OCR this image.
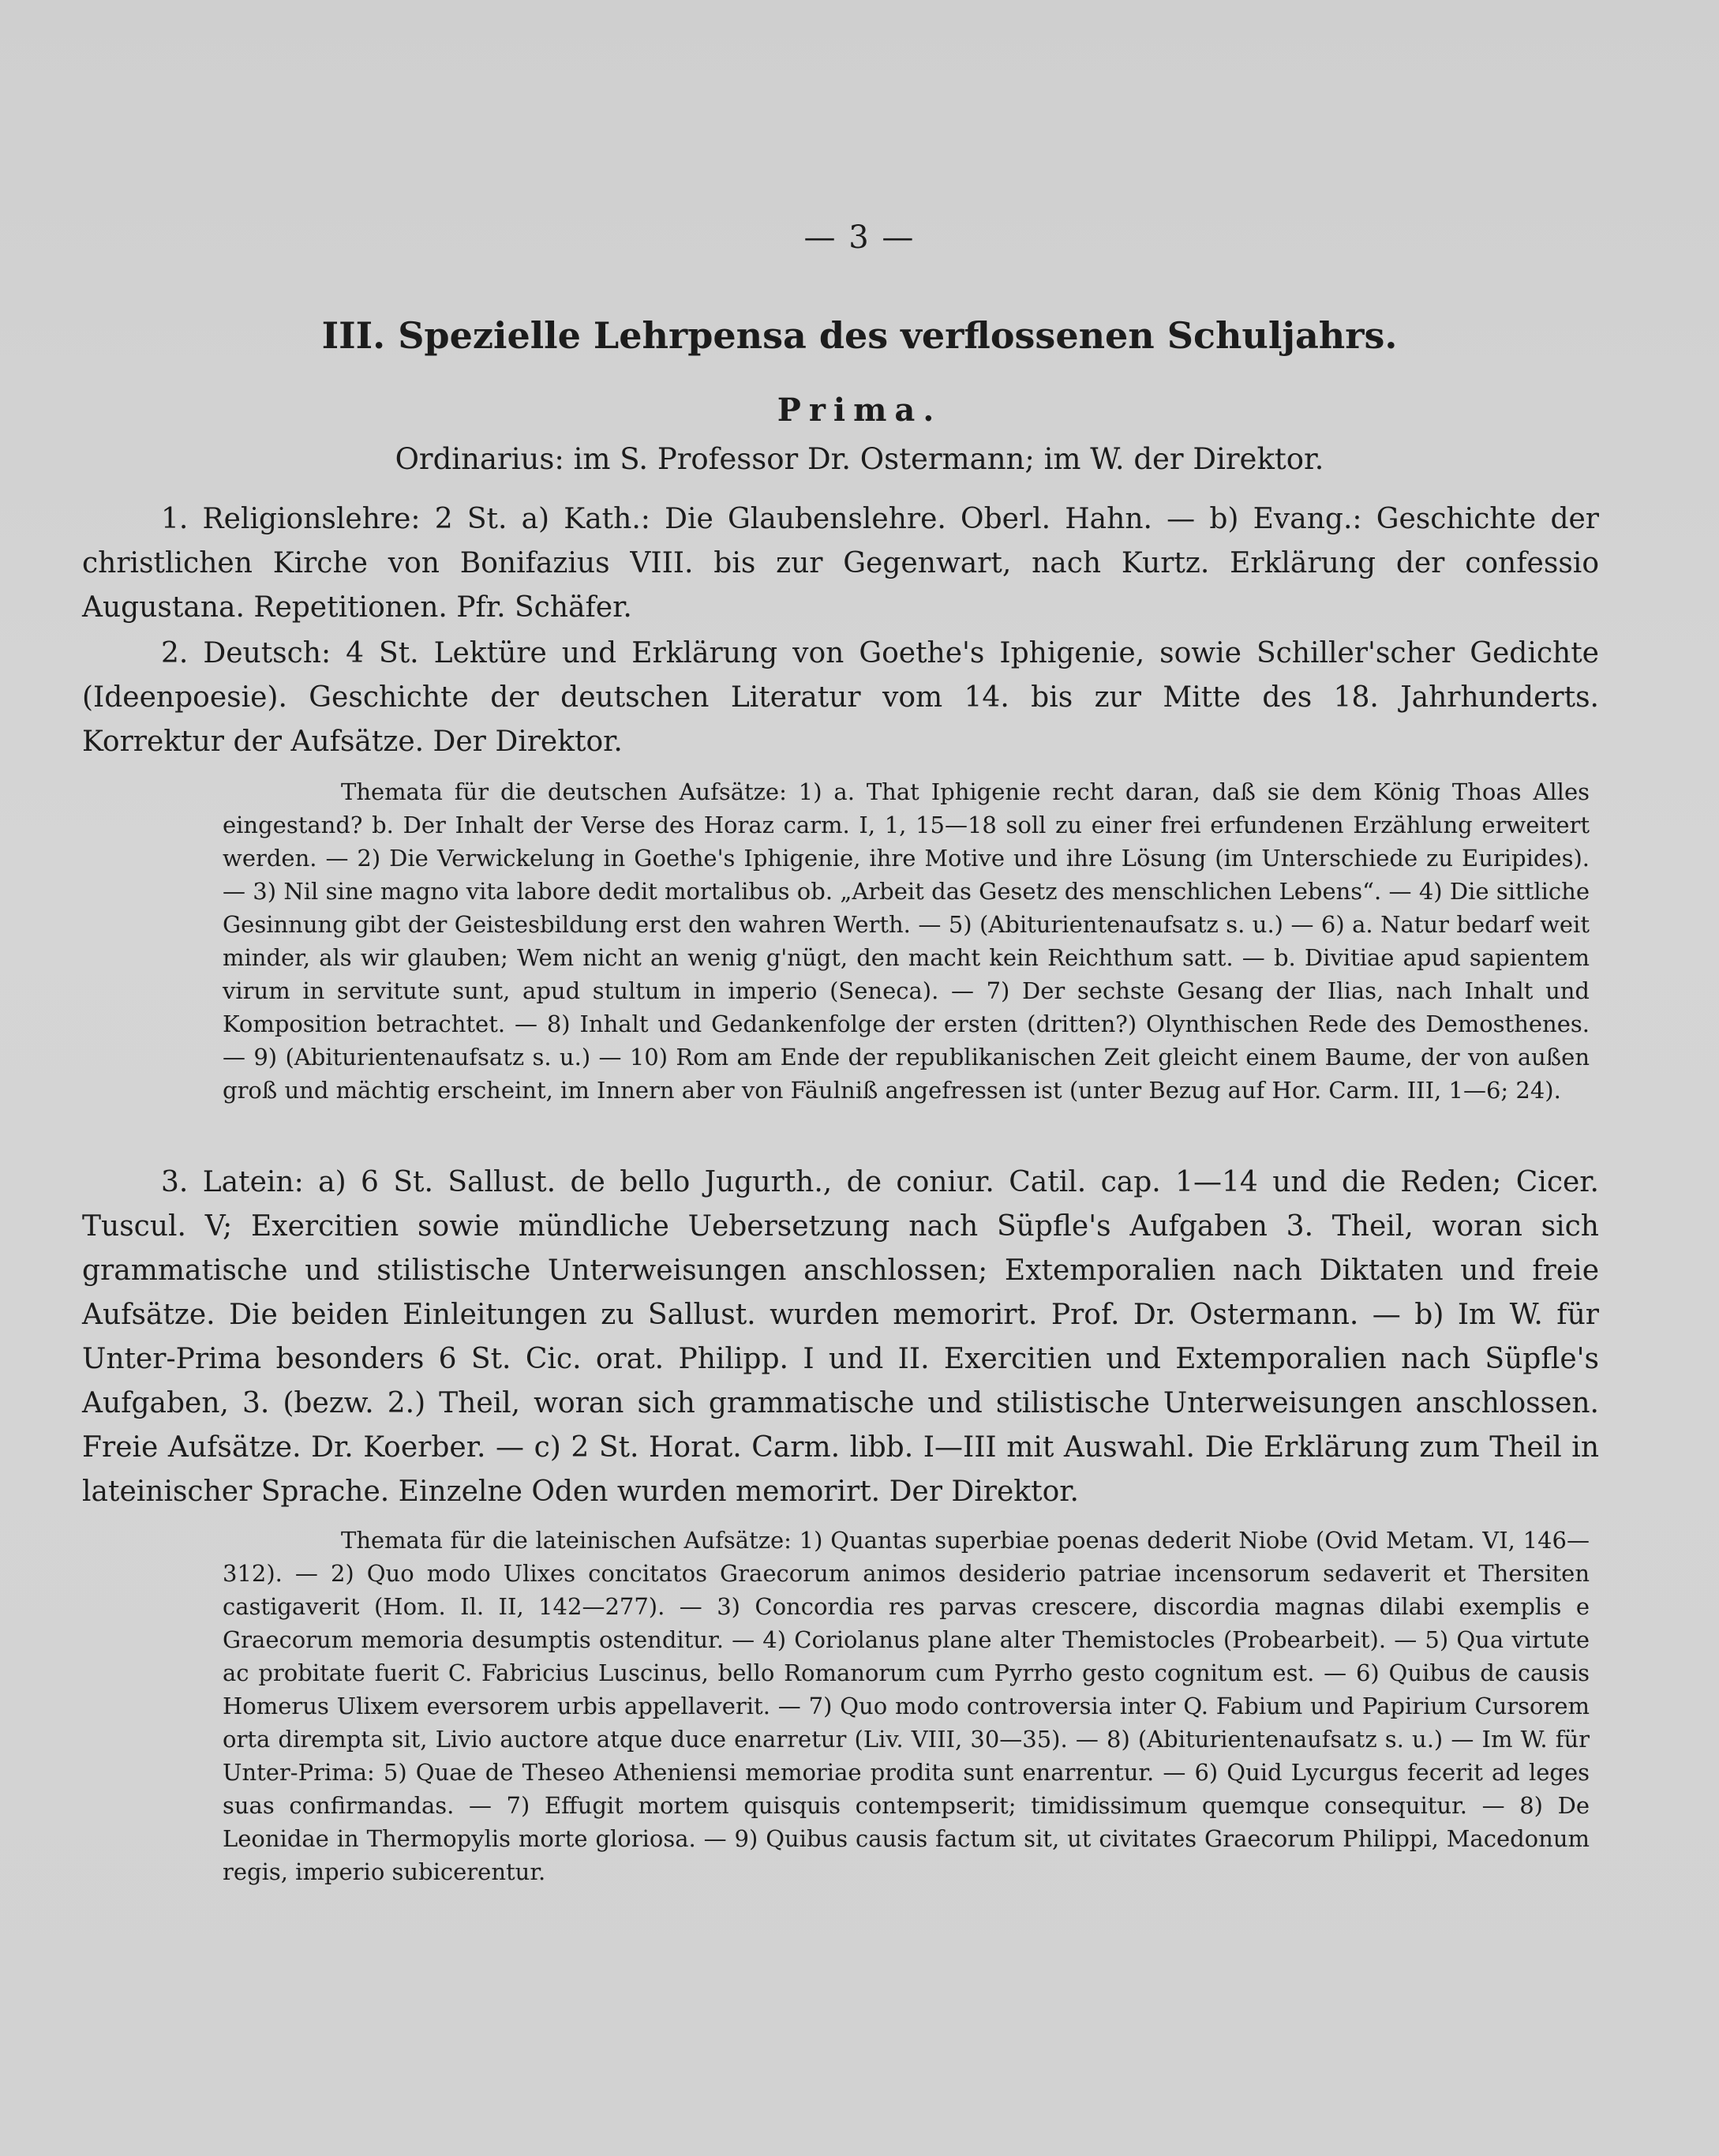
— 3 —
III. Spezielle Lehrpensa des verflossenen Schuljahrs.
Prima.
Ordinarius: im S. Professor Dr. Ostermann; im W. der Direktor.

1. Religionslehre: 2 St. a) Kath.: Die Glaubenslehre. Oberl. Hahn. — b) Evang.: Geschichte der christlichen Kirche von Bonifazius VIII. bis zur Gegenwart, nach Kurtz. Erklärung der confessio Augustana. Repetitionen. Pfr. Schäfer.

2. Deutsch: 4 St. Lektüre und Erklärung von Goethe's Iphigenie, sowie Schiller'scher Gedichte (Ideenpoesie). Geschichte der deutschen Literatur vom 14. bis zur Mitte des 18. Jahrhunderts. Korrektur der Aufsätze. Der Direktor.

Themata für die deutschen Aufsätze: 1) a. That Iphigenie recht daran, daß sie dem König Thoas Alles eingestand? b. Der Inhalt der Verse des Horaz carm. I, 1, 15—18 soll zu einer frei erfundenen Erzählung erweitert werden. — 2) Die Verwickelung in Goethe's Iphigenie, ihre Motive und ihre Lösung (im Unterschiede zu Euripides). — 3) Nil sine magno vita labore dedit mortalibus ob. „Arbeit das Gesetz des menschlichen Lebens“. — 4) Die sittliche Gesinnung gibt der Geistesbildung erst den wahren Werth. — 5) (Abiturientenaufsatz s. u.) — 6) a. Natur bedarf weit minder, als wir glauben; Wem nicht an wenig g'nügt, den macht kein Reichthum satt. — b. Divitiae apud sapientem virum in servitute sunt, apud stultum in imperio (Seneca). — 7) Der sechste Gesang der Ilias, nach Inhalt und Komposition betrachtet. — 8) Inhalt und Gedankenfolge der ersten (dritten?) Olynthischen Rede des Demosthenes. — 9) (Abiturientenaufsatz s. u.) — 10) Rom am Ende der republikanischen Zeit gleicht einem Baume, der von außen groß und mächtig erscheint, im Innern aber von Fäulniß angefressen ist (unter Bezug auf Hor. Carm. III, 1—6; 24).

3. Latein: a) 6 St. Sallust. de bello Jugurth., de coniur. Catil. cap. 1—14 und die Reden; Cicer. Tuscul. V; Exercitien sowie mündliche Uebersetzung nach Süpfle's Aufgaben 3. Theil, woran sich grammatische und stilistische Unterweisungen anschlossen; Extemporalien nach Diktaten und freie Aufsätze. Die beiden Einleitungen zu Sallust. wurden memorirt. Prof. Dr. Ostermann. — b) Im W. für Unter-Prima besonders 6 St. Cic. orat. Philipp. I und II. Exercitien und Extemporalien nach Süpfle's Aufgaben, 3. (bezw. 2.) Theil, woran sich grammatische und stilistische Unterweisungen anschlossen. Freie Aufsätze. Dr. Koerber. — c) 2 St. Horat. Carm. libb. I—III mit Auswahl. Die Erklärung zum Theil in lateinischer Sprache. Einzelne Oden wurden memorirt. Der Direktor.

Themata für die lateinischen Aufsätze: 1) Quantas superbiae poenas dederit Niobe (Ovid Metam. VI, 146—312). — 2) Quo modo Ulixes concitatos Graecorum animos desiderio patriae incensorum sedaverit et Thersiten castigaverit (Hom. Il. II, 142—277). — 3) Concordia res parvas crescere, discordia magnas dilabi exemplis e Graecorum memoria desumptis ostenditur. — 4) Coriolanus plane alter Themistocles (Probearbeit). — 5) Qua virtute ac probitate fuerit C. Fabricius Luscinus, bello Romanorum cum Pyrrho gesto cognitum est. — 6) Quibus de causis Homerus Ulixem eversorem urbis appellaverit. — 7) Quo modo controversia inter Q. Fabium und Papirium Cursorem orta dirempta sit, Livio auctore atque duce enarretur (Liv. VIII, 30—35). — 8) (Abiturientenaufsatz s. u.) — Im W. für Unter-Prima: 5) Quae de Theseo Atheniensi memoriae prodita sunt enarrentur. — 6) Quid Lycurgus fecerit ad leges suas confirmandas. — 7) Effugit mortem quisquis contempserit; timidissimum quemque consequitur. — 8) De Leonidae in Thermopylis morte gloriosa. — 9) Quibus causis factum sit, ut civitates Graecorum Philippi, Macedonum regis, imperio subicerentur.
